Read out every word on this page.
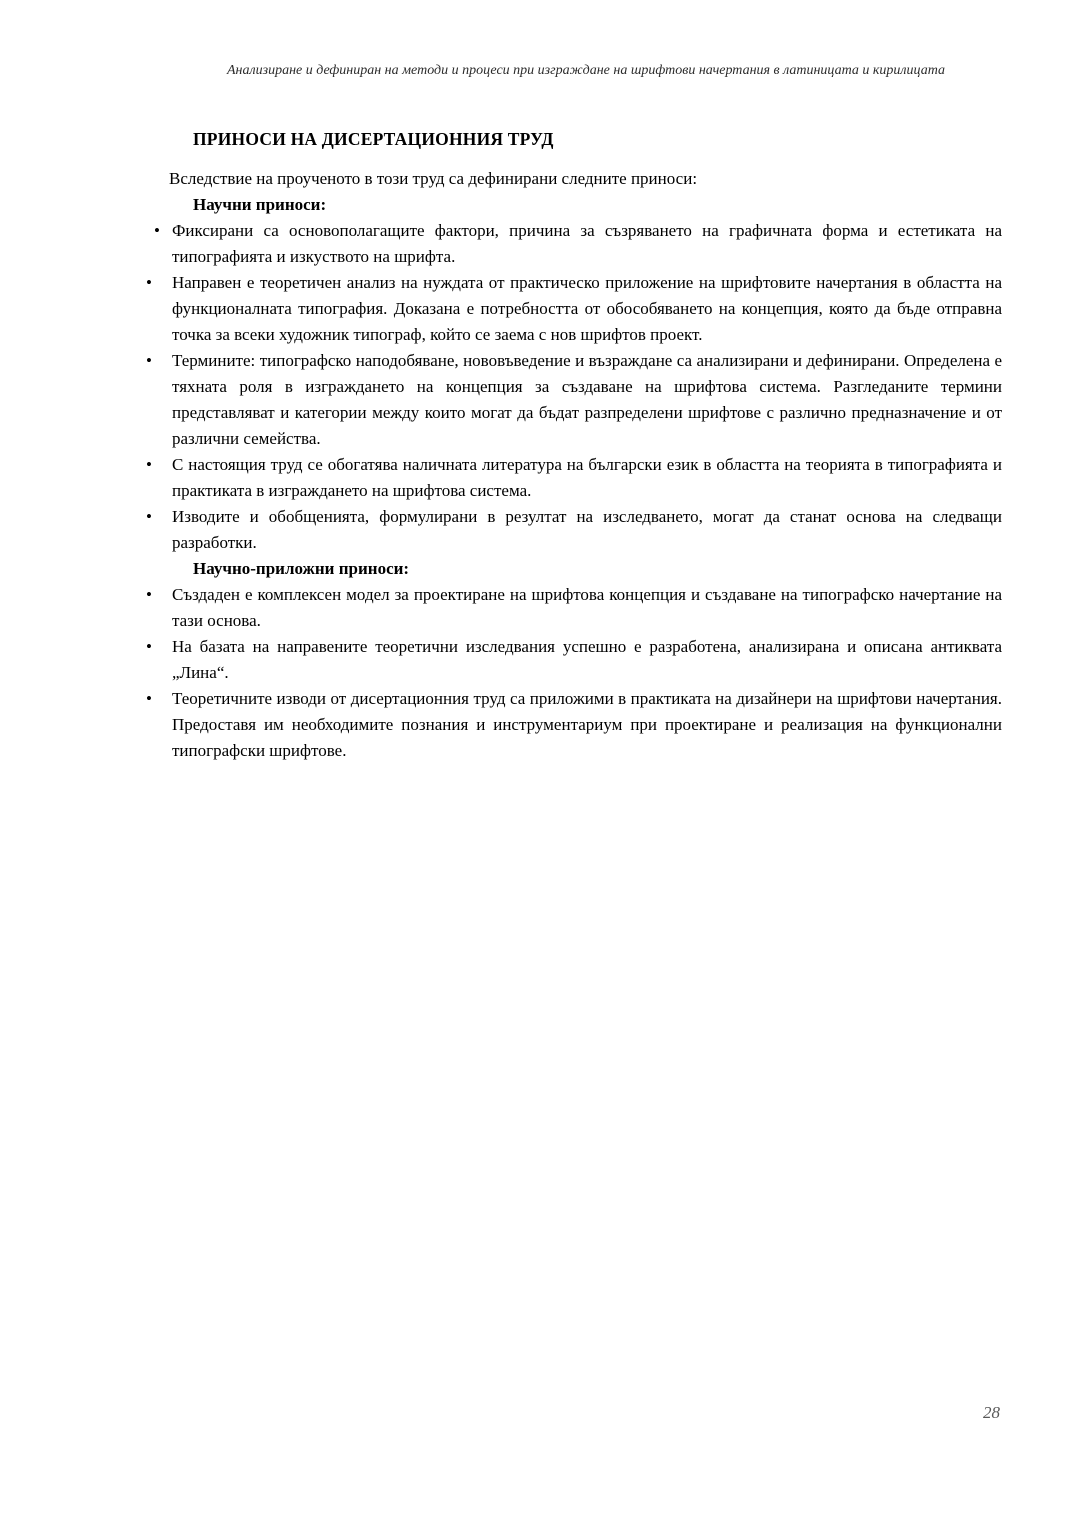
Анализиране и дефиниран на методи и процеси при изграждане на шрифтови начертания в латиницата и кирилицата
ПРИНОСИ НА ДИСЕРТАЦИОННИЯ ТРУД

Вследствие на проученото в този труд са дефинирани следните приноси:

Научни приноси:
• Фиксирани са основополагащите фактори, причина за съзряването на графичната форма и естетиката на типографията и изкуството на шрифта.
• Направен е теоретичен анализ на нуждата от практическо приложение на шрифтовите начертания в областта на функционалната типография. Доказана е потребността от обособяването на концепция, която да бъде отправна точка за всеки художник типограф, който се заема с нов шрифтов проект.
• Термините: типографско наподобяване, нововъведение и възраждане са анализирани и дефинирани. Определена е тяхната роля в изграждането на концепция за създаване на шрифтова система. Разгледаните термини представляват и категории между които могат да бъдат разпределени шрифтове с различно предназначение и от различни семейства.
• С настоящия труд се обогатява наличната литература на български език в областта на теорията в типографията и практиката в изграждането на шрифтова система.
• Изводите и обобщенията, формулирани в резултат на изследването, могат да станат основа на следващи разработки.
Научно-приложни приноси:
• Създаден е комплексен модел за проектиране на шрифтова концепция и създаване на типографско начертание на тази основа.
• На базата на направените теоретични изследвания успешно е разработена, анализирана и описана антиквата „Лина“.
• Теоретичните изводи от дисертационния труд са приложими в практиката на дизайнери на шрифтови начертания. Предоставя им необходимите познания и инструментариум при проектиране и реализация на функционални типографски шрифтове.
28
